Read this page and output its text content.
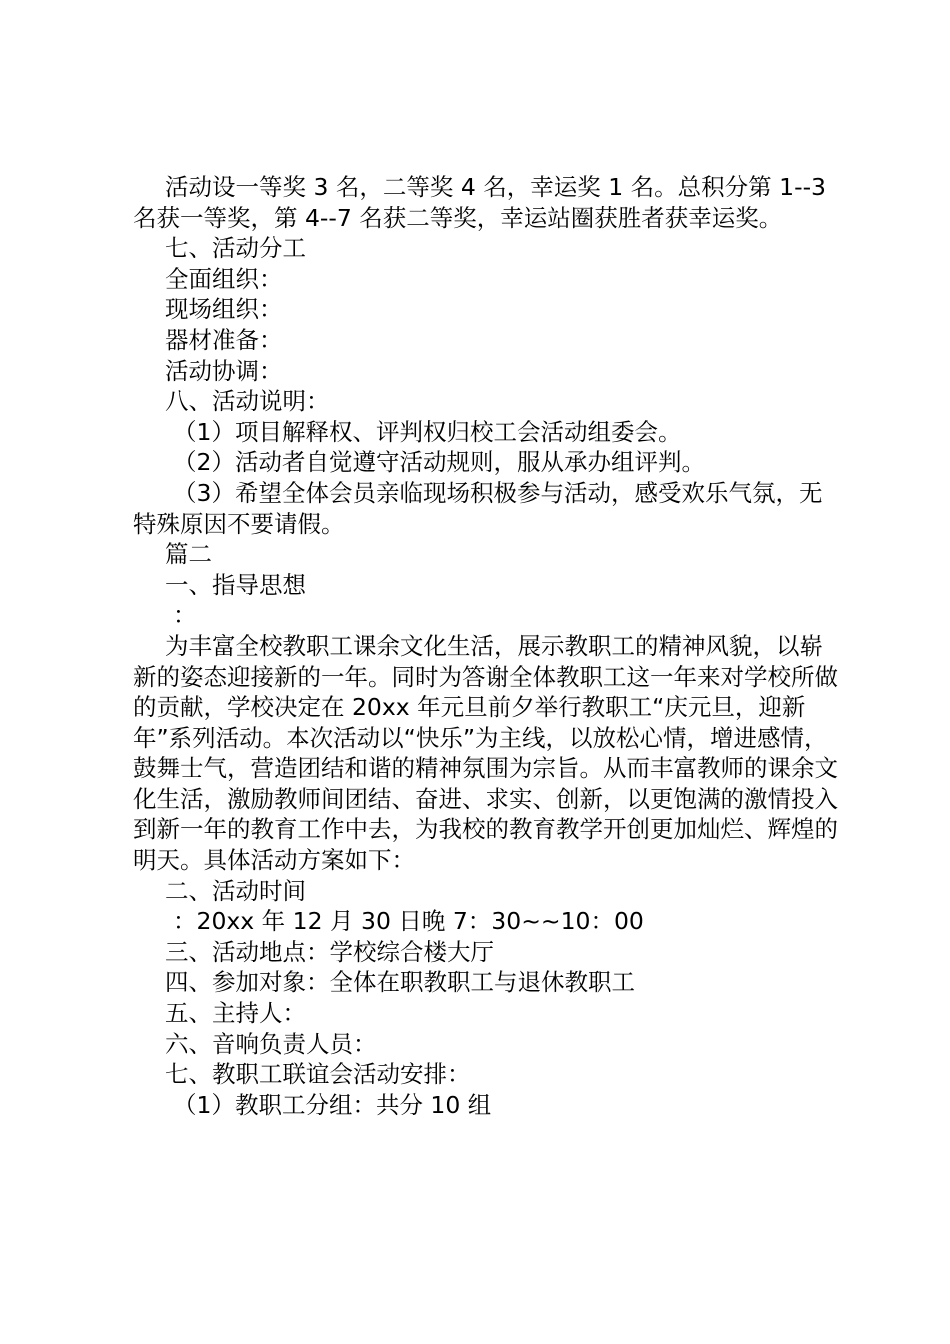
活动设一等奖 3 名，二等奖 4 名，幸运奖 1 名。总积分第 1--3 名获一等奖，第 4--7 名获二等奖，幸运站圈获胜者获幸运奖。

七、活动分工

全面组织：

现场组织：

器材准备：

活动协调：

八、活动说明：

（1）项目解释权、评判权归校工会活动组委会。

（2）活动者自觉遵守活动规则，服从承办组评判。

（3）希望全体会员亲临现场积极参与活动，感受欢乐气氛，无特殊原因不要请假。

篇二

一、指导思想

：

为丰富全校教职工课余文化生活，展示教职工的精神风貌，以崭新的姿态迎接新的一年。同时为答谢全体教职工这一年来对学校所做的贡献，学校决定在 20xx 年元旦前夕举行教职工“庆元旦，迎新年”系列活动。本次活动以“快乐”为主线，以放松心情，增进感情，鼓舞士气，营造团结和谐的精神氛围为宗旨。从而丰富教师的课余文化生活，激励教师间团结、奋进、求实、创新，以更饱满的激情投入到新一年的教育工作中去，为我校的教育教学开创更加灿烂、辉煌的明天。具体活动方案如下：

二、活动时间

：20xx 年 12 月 30 日晚 7：30~~10：00

三、活动地点：学校综合楼大厅

四、参加对象：全体在职教职工与退休教职工

五、主持人：

六、音响负责人员：

七、教职工联谊会活动安排：

（1）教职工分组：共分 10 组
